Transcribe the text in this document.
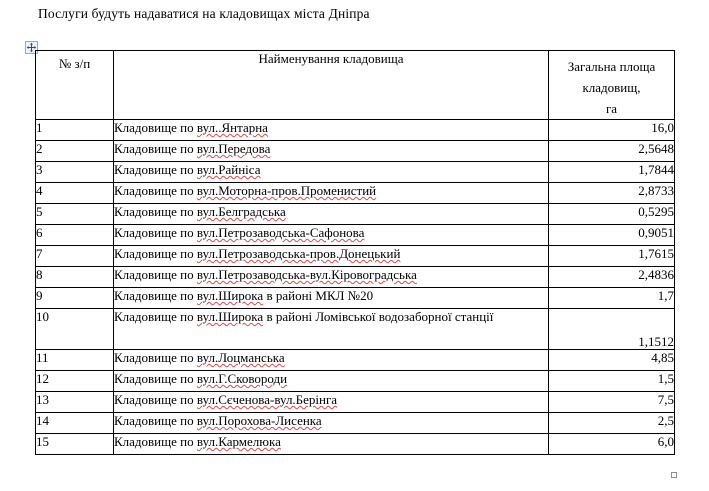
Послуги будуть надаватися на кладовищах міста Дніпра
№ з/п	Найменування кладовища	Загальна площа
кладовищ,
га

1	Кладовище по вул..Янтарна	16,0
2	Кладовище по вул.Передова	2,5648
3	Кладовище по вул.Райніса	1,7844
4	Кладовище по вул.Моторна-пров.Променистий	2,8733
5	Кладовище по вул.Белградська	0,5295
6	Кладовище по вул.Петрозаводська-Сафонова	0,9051
7	Кладовище по вул.Петрозаводська-пров.Донецький	1,7615
8	Кладовище по вул.Петрозаводська-вул.Кіровоградська	2,4836
9	Кладовище по вул.Широка в районі МКЛ №20	1,7
10	Кладовище по вул.Широка в районі Ломівської водозаборної станції	1,1512
11	Кладовище по вул.Лоцманська	4,85
12	Кладовище по вул.Г.Сковороди	1,5
13	Кладовище по вул.Сєченова-вул.Берінга	7,5
14	Кладовище по вул.Порохова-Лисенка	2,5
15	Кладовище по вул.Кармелюка	6,0
